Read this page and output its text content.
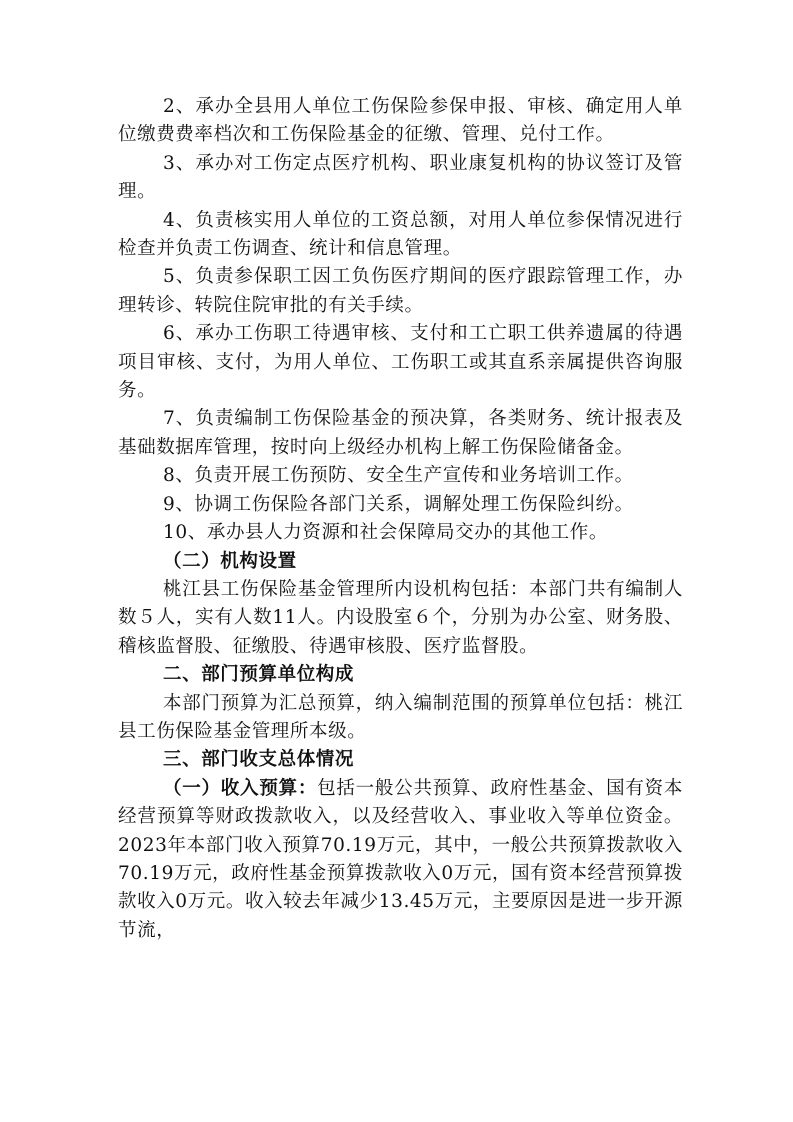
2、承办全县用人单位工伤保险参保申报、审核、确定用人单位缴费费率档次和工伤保险基金的征缴、管理、兑付工作。

3、承办对工伤定点医疗机构、职业康复机构的协议签订及管理。

4、负责核实用人单位的工资总额，对用人单位参保情况进行检查并负责工伤调查、统计和信息管理。

5、负责参保职工因工负伤医疗期间的医疗跟踪管理工作，办理转诊、转院住院审批的有关手续。

6、承办工伤职工待遇审核、支付和工亡职工供养遗属的待遇项目审核、支付，为用人单位、工伤职工或其直系亲属提供咨询服务。

7、负责编制工伤保险基金的预决算，各类财务、统计报表及基础数据库管理，按时向上级经办机构上解工伤保险储备金。

8、负责开展工伤预防、安全生产宣传和业务培训工作。

9、协调工伤保险各部门关系，调解处理工伤保险纠纷。

10、承办县人力资源和社会保障局交办的其他工作。

（二）机构设置

桃江县工伤保险基金管理所内设机构包括：本部门共有编制人数５人，实有人数11人。内设股室６个，分别为办公室、财务股、稽核监督股、征缴股、待遇审核股、医疗监督股。

二、部门预算单位构成

本部门预算为汇总预算，纳入编制范围的预算单位包括：桃江县工伤保险基金管理所本级。

三、部门收支总体情况

（一）收入预算：包括一般公共预算、政府性基金、国有资本经营预算等财政拨款收入，以及经营收入、事业收入等单位资金。2023年本部门收入预算70.19万元，其中，一般公共预算拨款收入70.19万元，政府性基金预算拨款收入0万元，国有资本经营预算拨款收入0万元。收入较去年减少13.45万元，主要原因是进一步开源节流，
